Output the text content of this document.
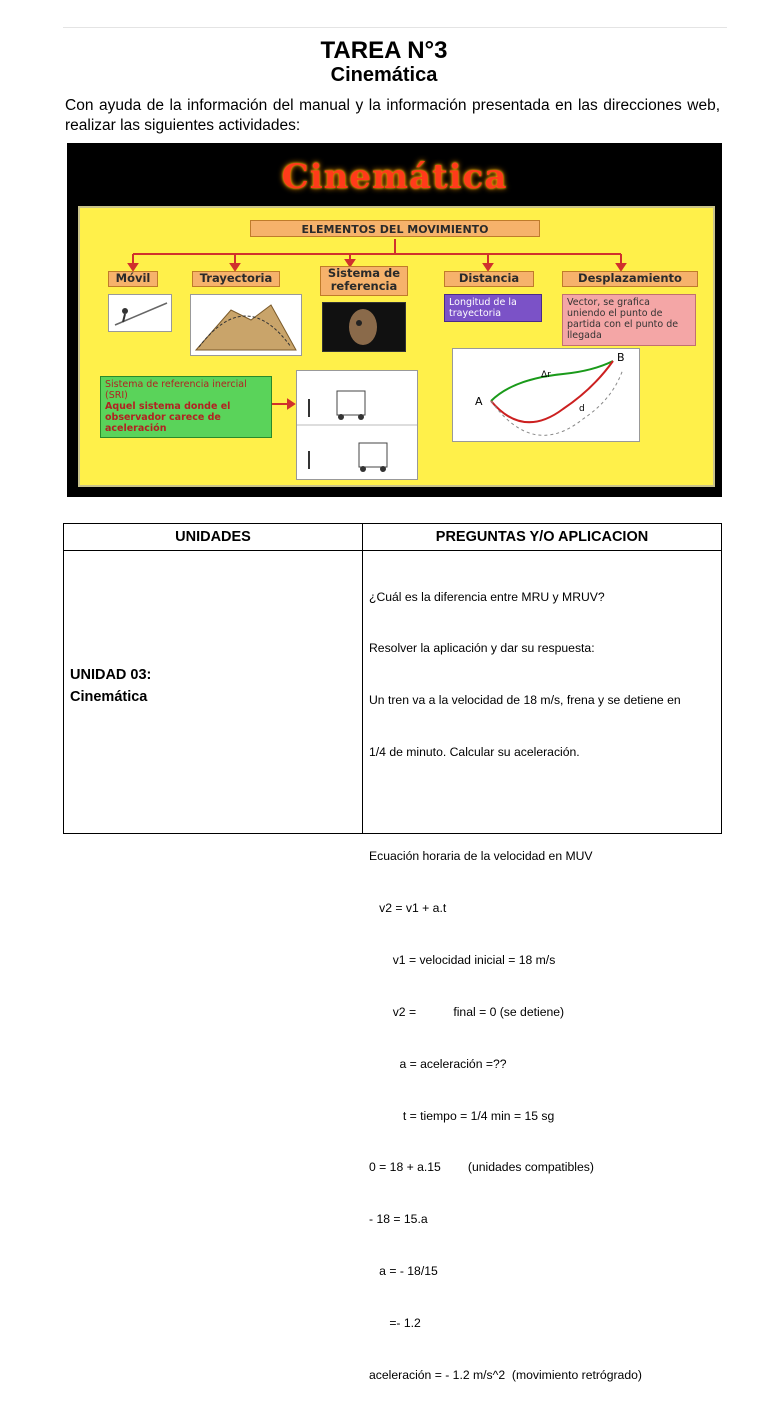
TAREA N°3
Cinemática
Con ayuda de la información del manual y la información presentada en las direcciones web, realizar las siguientes actividades:
Cinemática
ELEMENTOS DEL MOVIMIENTO
Móvil	Trayectoria	Sistema de referencia
Distancia	Desplazamiento
Longitud de la trayectoria
Vector, se grafica uniendo el punto de partida con el punto de llegada
Sistema de referencia inercial (SRI)
Aquel sistema donde el observador carece de aceleración
A
B
Δr
d
UNIDADES	PREGUNTAS Y/O APLICACION
UNIDAD 03:
Cinemática

¿Cuál es la diferencia entre MRU y MRUV?

Resolver la aplicación y dar su respuesta:

Un tren va a la velocidad de 18 m/s, frena y se detiene en

1/4 de minuto. Calcular su aceleración.

Ecuación horaria de la velocidad en MUV

v2 = v1 + a.t

v1 = velocidad inicial = 18 m/s

v2 =           final = 0 (se detiene)

a = aceleración =??

t = tiempo = 1/4 min = 15 sg

0 = 18 + a.15        (unidades compatibles)

- 18 = 15.a

a = - 18/15

=- 1.2

aceleración = - 1.2 m/s^2  (movimiento retrógrado)
